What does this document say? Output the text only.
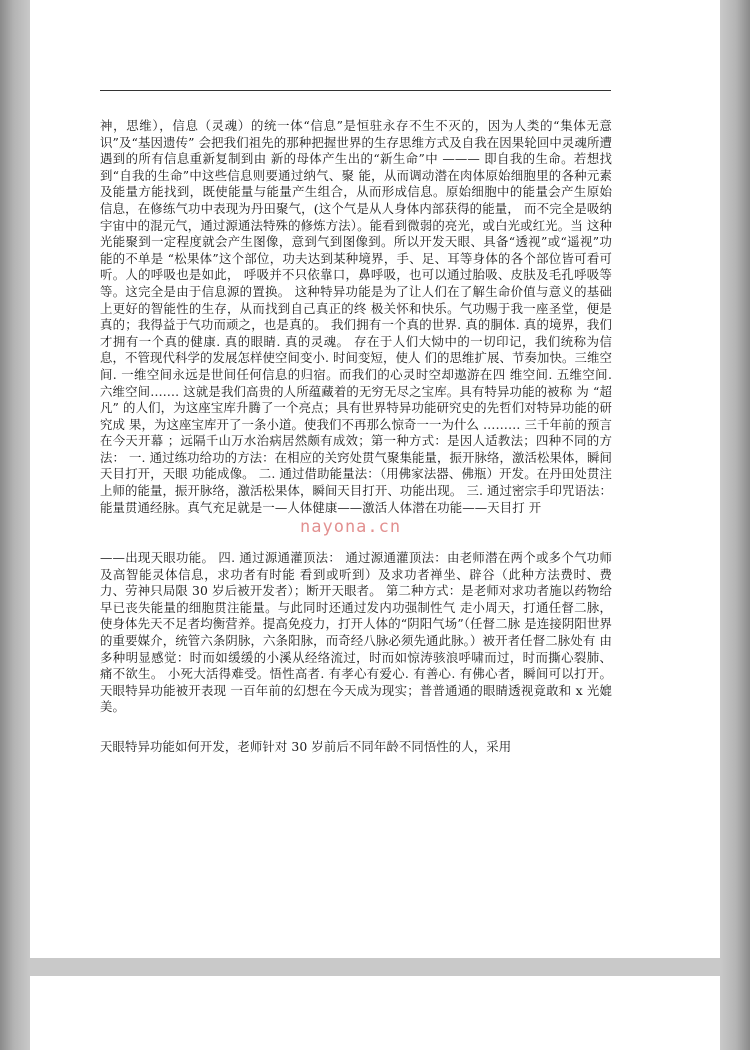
神，思维），信息（灵魂）的统一体“信息”是恒驻永存不生不灭的，因为人类的“集体无意识”及“基因遗传” 会把我们祖先的那种把握世界的生存思维方式及自我在因果轮回中灵魂所遭遇到的所有信息重新复制到由 新的母体产生出的“新生命”中 ——— 即自我的生命。若想找到“自我的生命”中这些信息则要通过纳气、聚 能，从而调动潜在肉体原始细胞里的各种元素及能量方能找到，既使能量与能量产生组合，从而形成信息。原始细胞中的能量会产生原始信息，在修练气功中表现为丹田聚气，(这个气是从人身体内部获得的能量， 而不完全是吸纳宇宙中的混元气，通过源通法特殊的修炼方法）。能看到微弱的亮光，或白光或红光。当 这种光能聚到一定程度就会产生图像，意到气到图像到。所以开发天眼、具备“透视”或“遥视”功能的不单是 “松果体”这个部位，功夫达到某种境界，手、足、耳等身体的各个部位皆可看可听。人的呼吸也是如此， 呼吸并不只依靠口，鼻呼吸，也可以通过胎吸、皮肤及毛孔呼吸等等。这完全是由于信息源的置换。 这种特异功能是为了让人们在了解生命价值与意义的基础上更好的智能性的生存，从而找到自己真正的终 极关怀和快乐。气功赐于我一座圣堂，便是真的；我得益于气功而顽之，也是真的。 我们拥有一个真的世界. 真的胴体. 真的境界，我们才拥有一个真的健康. 真的眼睛. 真的灵魂。 存在于人们大恸中的一切印记，我们统称为信息，不管现代科学的发展怎样使空间变小. 时间变短，使人 们的思维扩展、节奏加快。三维空间. 一维空间永远是世间任何信息的归宿。而我们的心灵时空却遨游在四 维空间. 五维空间. 六维空间……. 这就是我们高贵的人所蕴藏着的无穷无尽之宝库。具有特异功能的被称 为 “超凡” 的人们，为这座宝库升腾了一个亮点；具有世界特异功能研究史的先哲们对特异功能的研究成 果，为这座宝库开了一条小道。使我们不再那么惊奇一一为什么 ……… 三千年前的预言在今天开幕 ；远隔千山万水治病居然颇有成效；第一种方式：是因人适教法；四种不同的方法： 一. 通过练功给功的方法：在相应的关窍处贯气聚集能量，振开脉络，激活松果体，瞬间天目打开，天眼 功能成像。 二. 通过借助能量法：（用佛家法器、佛瓶）开发。在丹田处贯注上师的能量，振开脉络，激活松果体，瞬间天目打开、功能出现。 三. 通过密宗手印咒语法： 能量贯通经脉。真气充足就是一—人体健康——激活人体潜在功能——天目打 开

nayona.cn

——出现天眼功能。 四. 通过源通灌顶法： 通过源通灌顶法：由老师潜在两个或多个气功师及高智能灵体信息，求功者有时能 看到或听到）及求功者禅坐、辟谷（此种方法费时、费力、劳神只局限 30 岁后被开发者）；断开天眼者。 第二种方式：是老师对求功者施以药物给早已丧失能量的细胞贯注能量。与此同时还通过发内功强制性气 走小周天，打通任督二脉，使身体先天不足者均衡营养。提高免疫力，打开人体的“阴阳气场”（任督二脉 是连接阴阳世界的重要媒介，统管六条阴脉，六条阳脉，而奇经八脉必须先通此脉。）被开者任督二脉处有 由多种明显感觉：时而如缓缓的小溪从经络流过，时而如惊涛骇浪呼啸而过，时而撕心裂肺、痛不欲生。 小死大活得难受。悟性高者. 有孝心有爱心. 有善心. 有佛心者，瞬间可以打开。天眼特异功能被开表现 一百年前的幻想在今天成为现实；普普通通的眼睛透视竟敢和 x 光媲美。

天眼特异功能如何开发，老师针对 30 岁前后不同年龄不同悟性的人，采用
